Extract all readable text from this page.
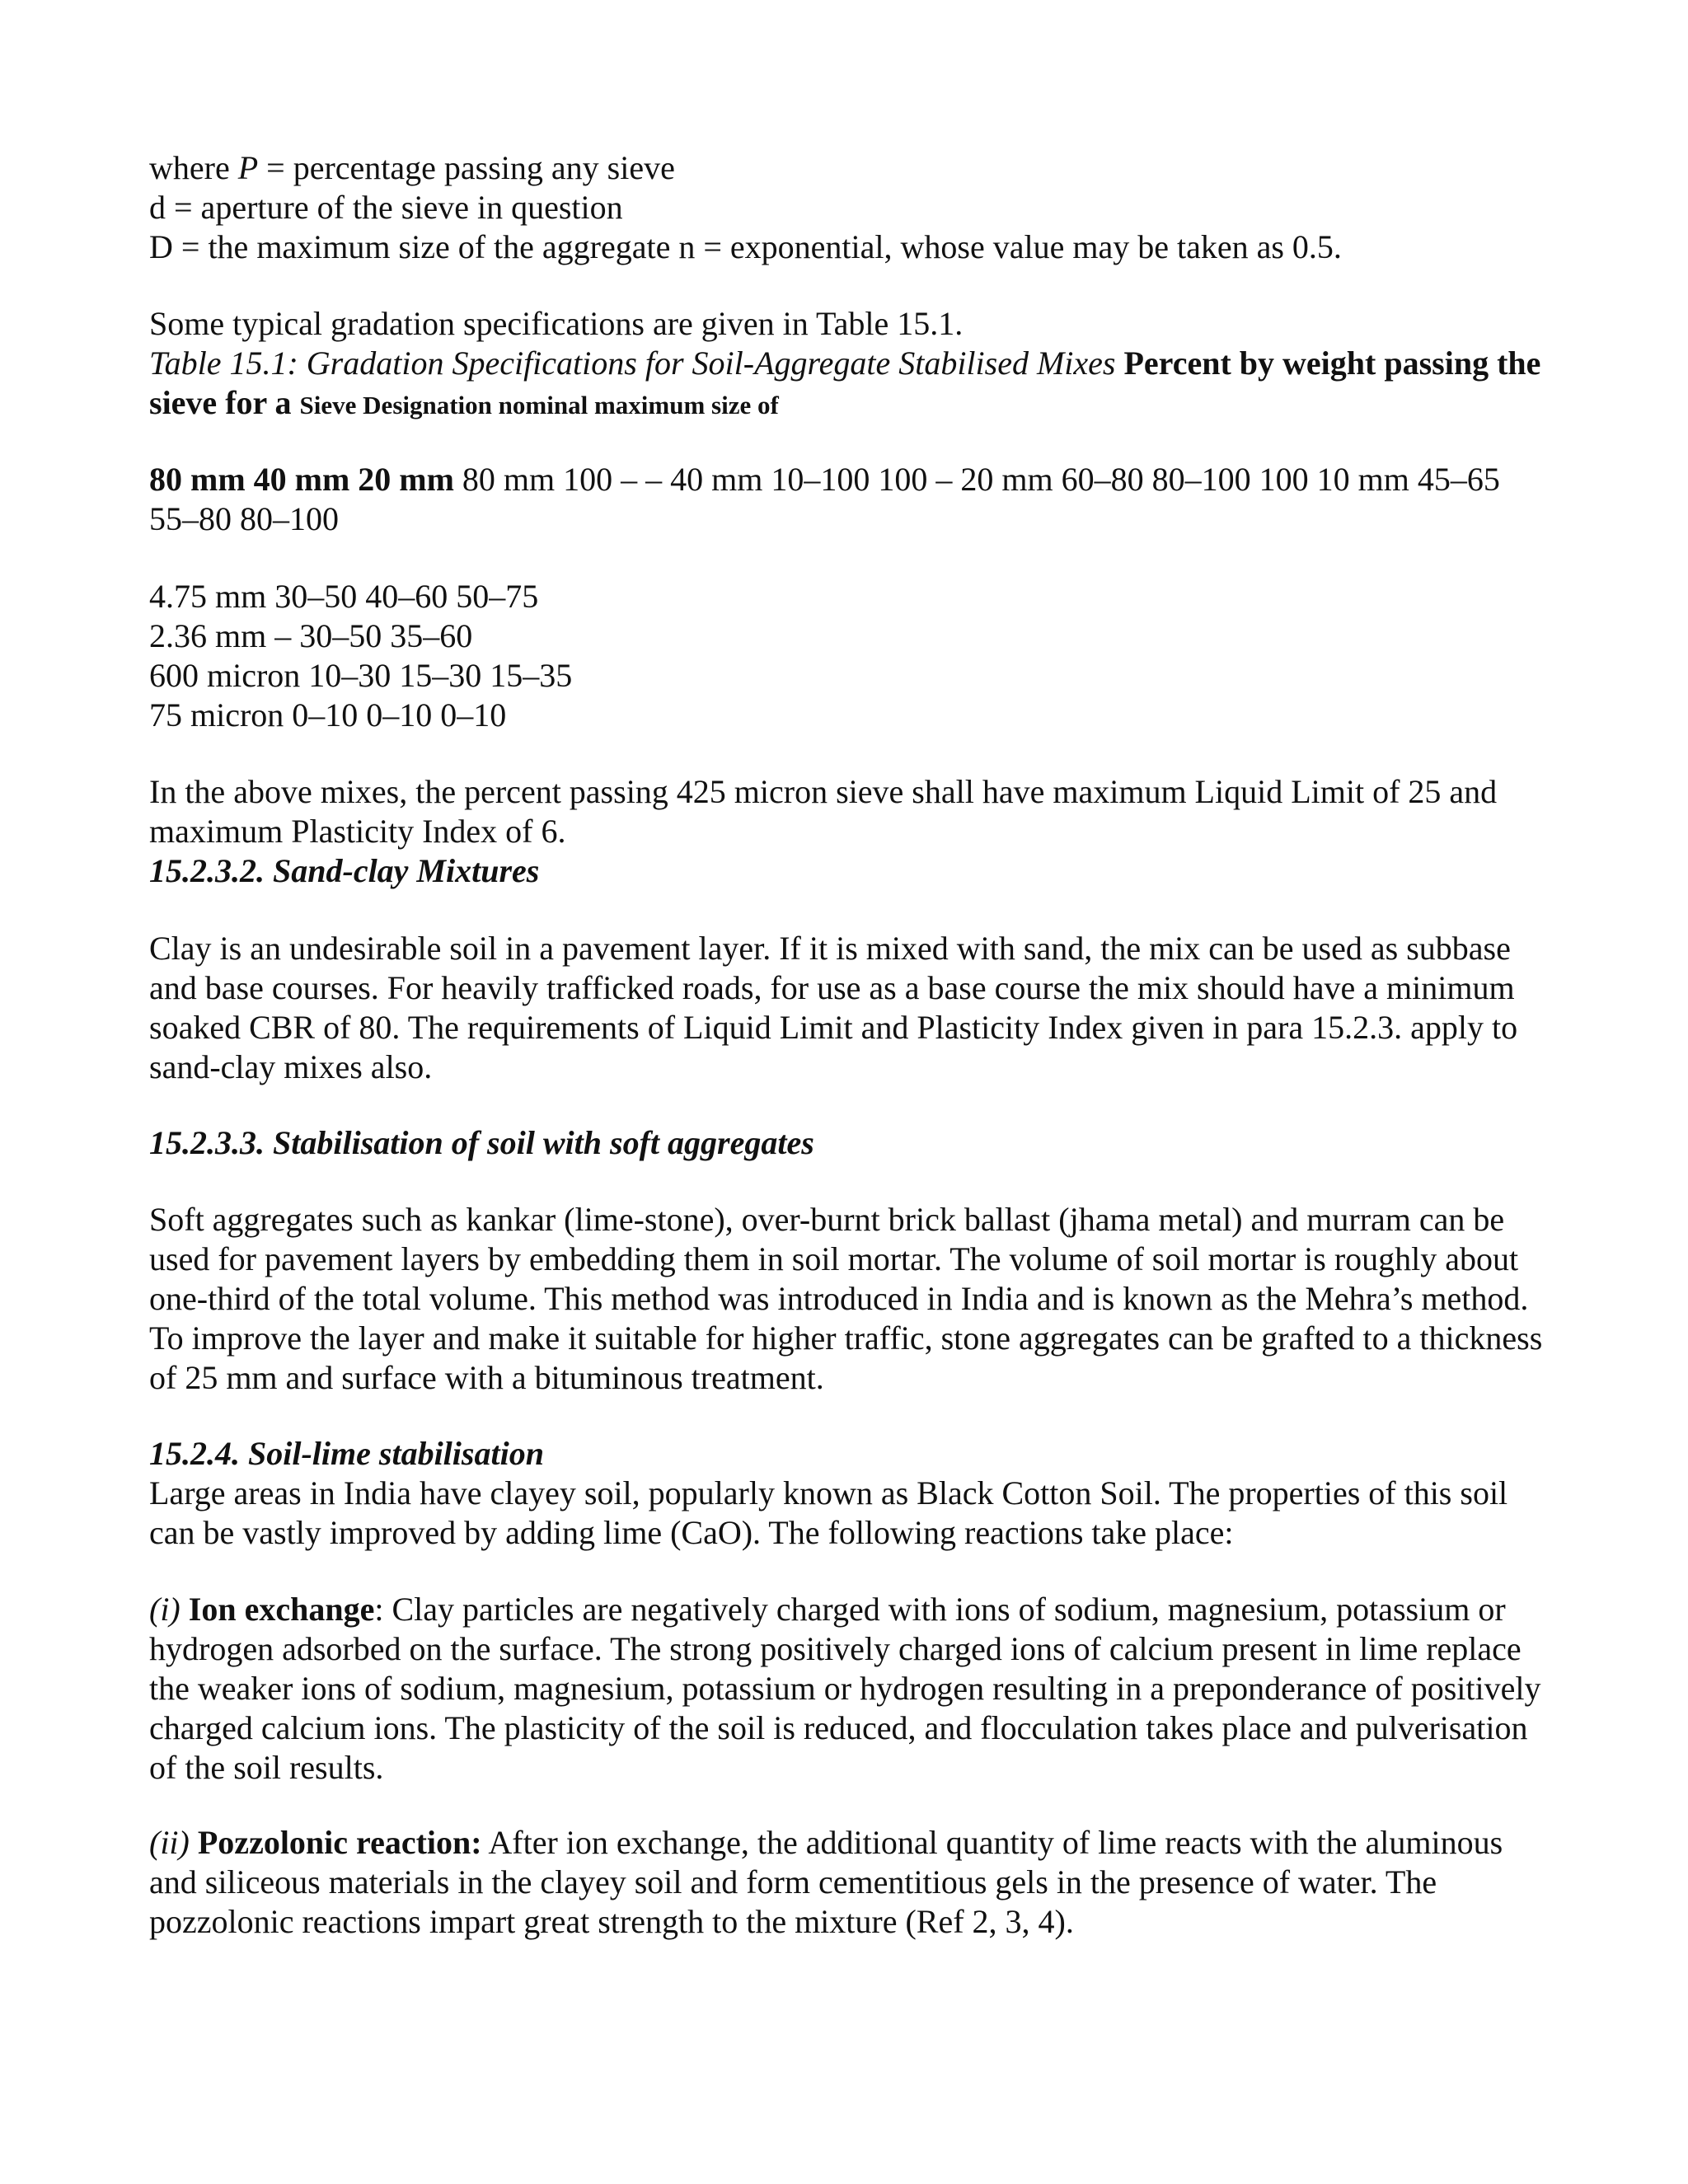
where P = percentage passing any sieve

d = aperture of the sieve in question

D = the maximum size of the aggregate n = exponential, whose value may be taken as 0.5.

Some typical gradation specifications are given in Table 15.1.

Table 15.1: Gradation Specifications for Soil-Aggregate Stabilised Mixes Percent by weight passing the sieve for a Sieve Designation nominal maximum size of

80 mm 40 mm 20 mm 80 mm 100 – – 40 mm 10–100 100 – 20 mm 60–80 80–100 100 10 mm 45–65

55–80 80–100

4.75 mm 30–50 40–60 50–75

2.36 mm – 30–50 35–60

600 micron 10–30 15–30 15–35

75 micron 0–10 0–10 0–10

In the above mixes, the percent passing 425 micron sieve shall have maximum Liquid Limit of 25 and maximum Plasticity Index of 6.

15.2.3.2. Sand-clay Mixtures

Clay is an undesirable soil in a pavement layer. If it is mixed with sand, the mix can be used as subbase and base courses. For heavily trafficked roads, for use as a base course the mix should have a minimum soaked CBR of 80. The requirements of Liquid Limit and Plasticity Index given in para 15.2.3. apply to sand-clay mixes also.

15.2.3.3. Stabilisation of soil with soft aggregates

Soft aggregates such as kankar (lime-stone), over-burnt brick ballast (jhama metal) and murram can be used for pavement layers by embedding them in soil mortar. The volume of soil mortar is roughly about one-third of the total volume. This method was introduced in India and is known as the Mehra’s method. To improve the layer and make it suitable for higher traffic, stone aggregates can be grafted to a thickness of 25 mm and surface with a bituminous treatment.

15.2.4. Soil-lime stabilisation

Large areas in India have clayey soil, popularly known as Black Cotton Soil. The properties of this soil can be vastly improved by adding lime (CaO). The following reactions take place:

(i) Ion exchange: Clay particles are negatively charged with ions of sodium, magnesium, potassium or hydrogen adsorbed on the surface. The strong positively charged ions of calcium present in lime replace the weaker ions of sodium, magnesium, potassium or hydrogen resulting in a preponderance of positively charged calcium ions. The plasticity of the soil is reduced, and flocculation takes place and pulverisation of the soil results.

(ii) Pozzolonic reaction: After ion exchange, the additional quantity of lime reacts with the aluminous and siliceous materials in the clayey soil and form cementitious gels in the presence of water. The pozzolonic reactions impart great strength to the mixture (Ref 2, 3, 4).
